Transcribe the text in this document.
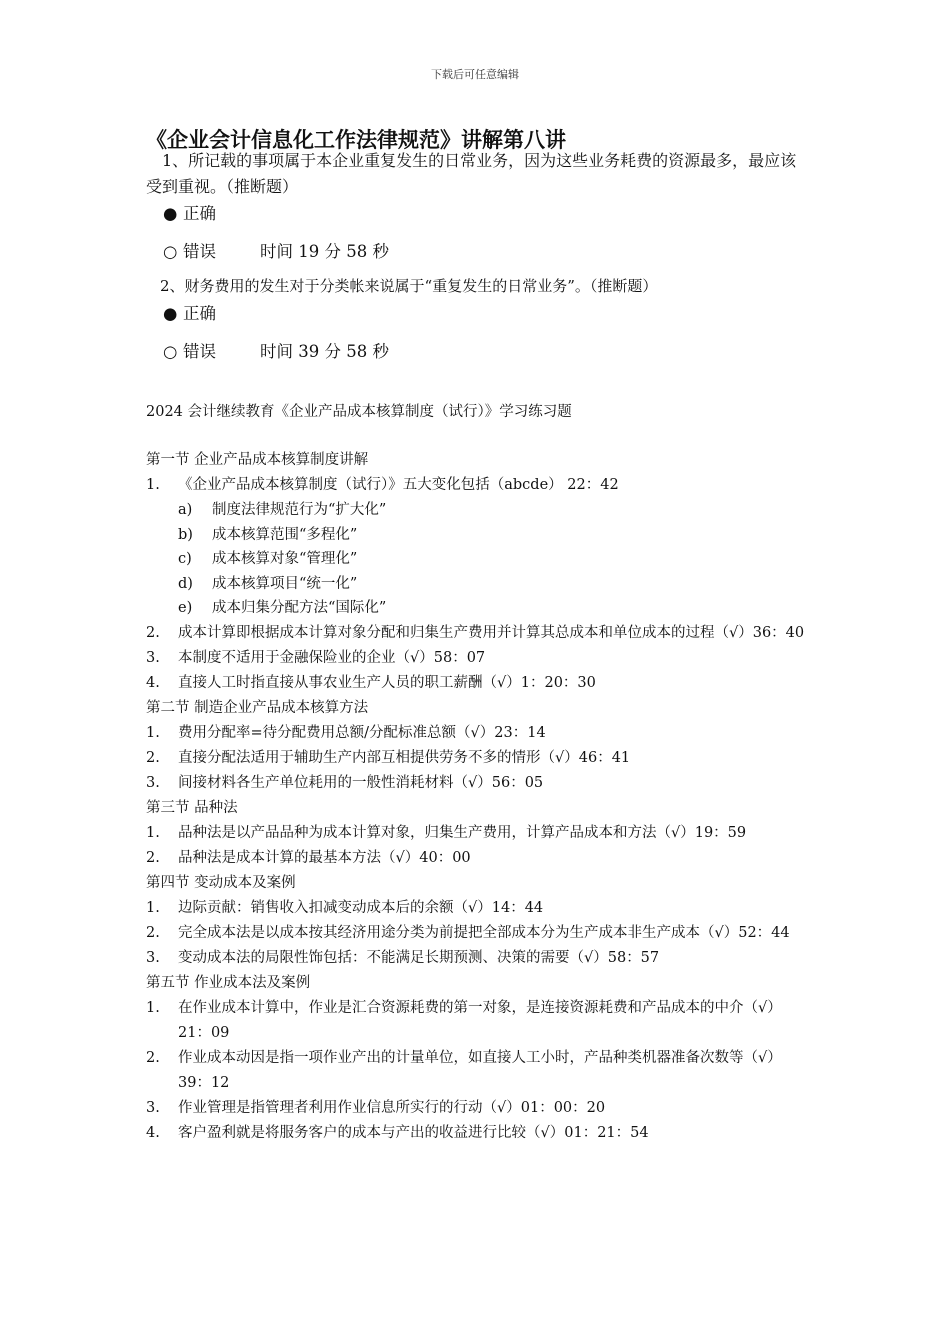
下载后可任意编辑
《企业会计信息化工作法律规范》讲解第八讲
1、所记载的事项属于本企业重复发生的日常业务，因为这些业务耗费的资源最多，最应该受到重视。（推断题）
● 正确
○ 错误	时间 19 分 58 秒
2、财务费用的发生对于分类帐来说属于“重复发生的日常业务”。（推断题）
● 正确
○ 错误	时间 39 分 58 秒
2024 会计继续教育《企业产品成本核算制度（试行）》学习练习题
第一节 企业产品成本核算制度讲解
1.	《企业产品成本核算制度（试行）》五大变化包括（abcde） 22：42
a)	制度法律规范行为“扩大化”
b)	成本核算范围“多程化”
c)	成本核算对象“管理化”
d)	成本核算项目“统一化”
e)	成本归集分配方法“国际化”
2.	成本计算即根据成本计算对象分配和归集生产费用并计算其总成本和单位成本的过程（√）36：40
3.	本制度不适用于金融保险业的企业（√）58：07
4.	直接人工时指直接从事农业生产人员的职工薪酬（√）1：20：30
第二节 制造企业产品成本核算方法
1.	费用分配率=待分配费用总额/分配标准总额（√）23：14
2.	直接分配法适用于辅助生产内部互相提供劳务不多的情形（√）46：41
3.	间接材料各生产单位耗用的一般性消耗材料（√）56：05
第三节 品种法
1.	品种法是以产品品种为成本计算对象，归集生产费用，计算产品成本和方法（√）19：59
2.	品种法是成本计算的最基本方法（√）40：00
第四节 变动成本及案例
1.	边际贡献：销售收入扣减变动成本后的余额（√）14：44
2.	完全成本法是以成本按其经济用途分类为前提把全部成本分为生产成本非生产成本（√）52：44
3.	变动成本法的局限性饰包括：不能满足长期预测、决策的需要（√）58：57
第五节 作业成本法及案例
1.	在作业成本计算中，作业是汇合资源耗费的第一对象，是连接资源耗费和产品成本的中介（√）21：09
2.	作业成本动因是指一项作业产出的计量单位，如直接人工小时，产品种类机器准备次数等（√）39：12
3.	作业管理是指管理者利用作业信息所实行的行动（√）01：00：20
4.	客户盈利就是将服务客户的成本与产出的收益进行比较（√）01：21：54
